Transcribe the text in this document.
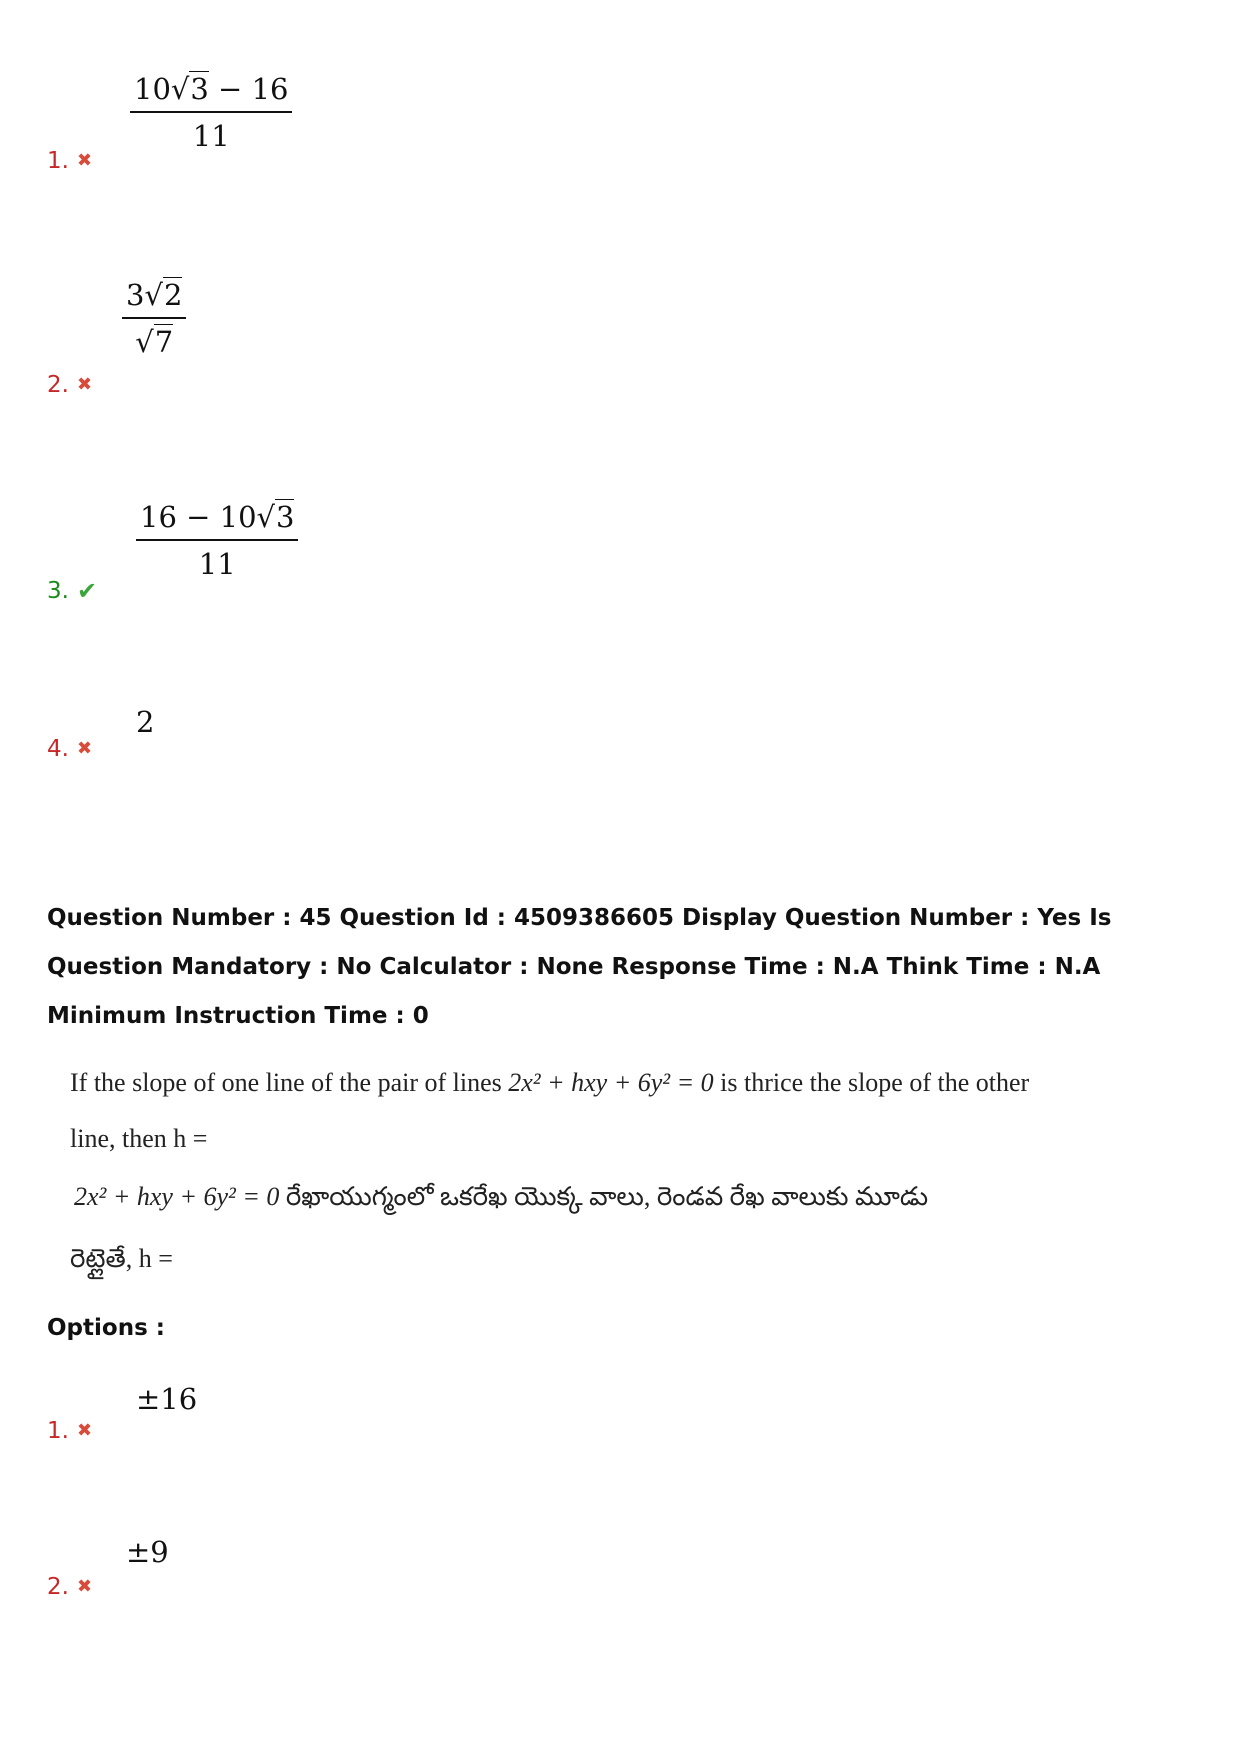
$\frac{10√3 - 16}{11}$
1. ✖
$\frac{3√2}{√7}$
2. ✖
$\frac{16 - 10√3}{11}$
3. ✔
2
4. ✖
Question Number : 45 Question Id : 4509386605 Display Question Number : Yes Is Question Mandatory : No Calculator : None Response Time : N.A Think Time : N.A Minimum Instruction Time : 0
If the slope of one line of the pair of lines 2x² + hxy + 6y² = 0 is thrice the slope of the other
line, then h =
2x² + hxy + 6y² = 0 రేఖాయుగ్మంలో ఒకరేఖ యొక్క వాలు, రెండవ రేఖ వాలుకు మూడు
రెట్లైతే, h =
Options :
±16
1. ✖
±9
2. ✖
